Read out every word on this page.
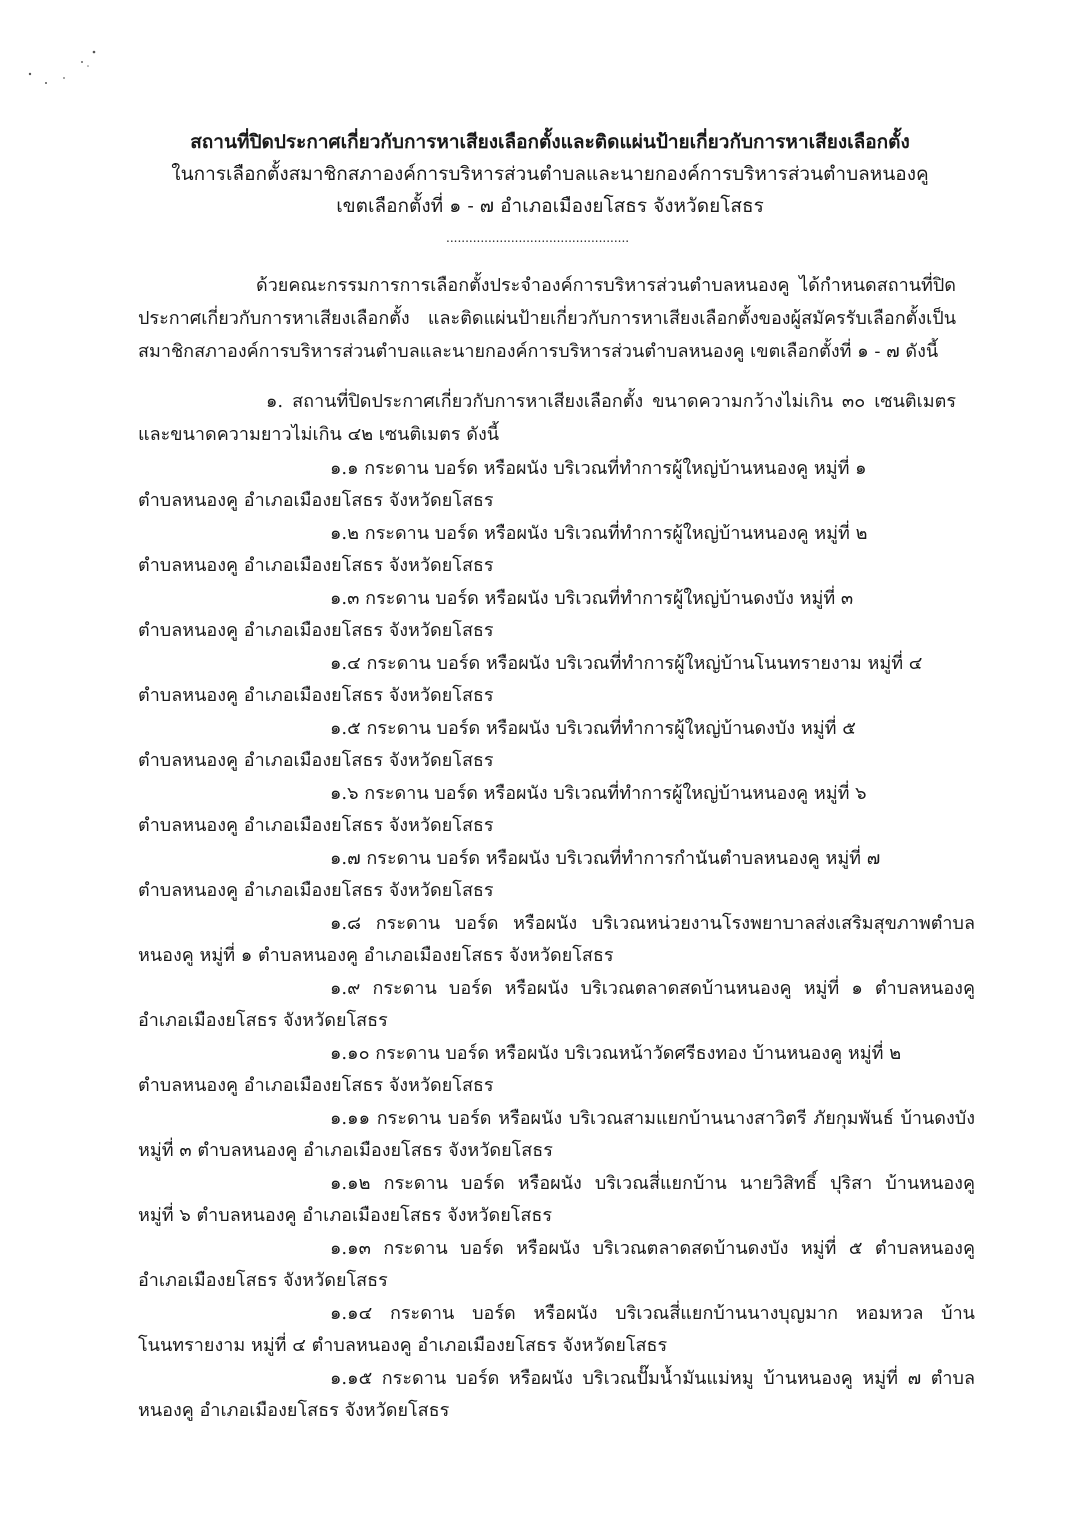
สถานที่ปิดประกาศเกี่ยวกับการหาเสียงเลือกตั้งและติดแผ่นป้ายเกี่ยวกับการหาเสียงเลือกตั้ง
ในการเลือกตั้งสมาชิกสภาองค์การบริหารส่วนตำบลและนายกองค์การบริหารส่วนตำบลหนองคู
เขตเลือกตั้งที่ ๑ - ๗ อำเภอเมืองยโสธร จังหวัดยโสธร
ด้วยคณะกรรมการการเลือกตั้งประจำองค์การบริหารส่วนตำบลหนองคู ได้กำหนดสถานที่ปิด
ประกาศเกี่ยวกับการหาเสียงเลือกตั้ง และติดแผ่นป้ายเกี่ยวกับการหาเสียงเลือกตั้งของผู้สมัครรับเลือกตั้งเป็น
สมาชิกสภาองค์การบริหารส่วนตำบลและนายกองค์การบริหารส่วนตำบลหนองคู เขตเลือกตั้งที่ ๑ - ๗ ดังนี้
๑. สถานที่ปิดประกาศเกี่ยวกับการหาเสียงเลือกตั้ง ขนาดความกว้างไม่เกิน ๓๐ เซนติเมตร
และขนาดความยาวไม่เกิน ๔๒ เซนติเมตร ดังนี้
๑.๑ กระดาน บอร์ด หรือผนัง บริเวณที่ทำการผู้ใหญ่บ้านหนองคู หมู่ที่ ๑
ตำบลหนองคู อำเภอเมืองยโสธร จังหวัดยโสธร
๑.๒ กระดาน บอร์ด หรือผนัง บริเวณที่ทำการผู้ใหญ่บ้านหนองคู หมู่ที่ ๒
ตำบลหนองคู อำเภอเมืองยโสธร จังหวัดยโสธร
๑.๓ กระดาน บอร์ด หรือผนัง บริเวณที่ทำการผู้ใหญ่บ้านดงบัง หมู่ที่ ๓
ตำบลหนองคู อำเภอเมืองยโสธร จังหวัดยโสธร
๑.๔ กระดาน บอร์ด หรือผนัง บริเวณที่ทำการผู้ใหญ่บ้านโนนทรายงาม หมู่ที่ ๔
ตำบลหนองคู อำเภอเมืองยโสธร จังหวัดยโสธร
๑.๕ กระดาน บอร์ด หรือผนัง บริเวณที่ทำการผู้ใหญ่บ้านดงบัง หมู่ที่ ๕
ตำบลหนองคู อำเภอเมืองยโสธร จังหวัดยโสธร
๑.๖ กระดาน บอร์ด หรือผนัง บริเวณที่ทำการผู้ใหญ่บ้านหนองคู หมู่ที่ ๖
ตำบลหนองคู อำเภอเมืองยโสธร จังหวัดยโสธร
๑.๗ กระดาน บอร์ด หรือผนัง บริเวณที่ทำการกำนันตำบลหนองคู หมู่ที่ ๗
ตำบลหนองคู อำเภอเมืองยโสธร จังหวัดยโสธร
๑.๘ กระดาน บอร์ด หรือผนัง บริเวณหน่วยงานโรงพยาบาลส่งเสริมสุขภาพตำบล
หนองคู หมู่ที่ ๑ ตำบลหนองคู อำเภอเมืองยโสธร จังหวัดยโสธร
๑.๙ กระดาน บอร์ด หรือผนัง บริเวณตลาดสดบ้านหนองคู หมู่ที่ ๑ ตำบลหนองคู
อำเภอเมืองยโสธร จังหวัดยโสธร
๑.๑๐ กระดาน บอร์ด หรือผนัง บริเวณหน้าวัดศรีธงทอง บ้านหนองคู หมู่ที่ ๒
ตำบลหนองคู อำเภอเมืองยโสธร จังหวัดยโสธร
๑.๑๑ กระดาน บอร์ด หรือผนัง บริเวณสามแยกบ้านนางสาวิตรี ภัยกุมพันธ์ บ้านดงบัง
หมู่ที่ ๓ ตำบลหนองคู อำเภอเมืองยโสธร จังหวัดยโสธร
๑.๑๒ กระดาน บอร์ด หรือผนัง บริเวณสี่แยกบ้าน นายวิสิทธิ์ ปุริสา บ้านหนองคู
หมู่ที่ ๖ ตำบลหนองคู อำเภอเมืองยโสธร จังหวัดยโสธร
๑.๑๓ กระดาน บอร์ด หรือผนัง บริเวณตลาดสดบ้านดงบัง หมู่ที่ ๕ ตำบลหนองคู
อำเภอเมืองยโสธร จังหวัดยโสธร
๑.๑๔ กระดาน บอร์ด หรือผนัง บริเวณสี่แยกบ้านนางบุญมาก หอมหวล บ้าน
โนนทรายงาม หมู่ที่ ๔ ตำบลหนองคู อำเภอเมืองยโสธร จังหวัดยโสธร
๑.๑๕ กระดาน บอร์ด หรือผนัง บริเวณปั๊มน้ำมันแม่หมู บ้านหนองคู หมู่ที่ ๗ ตำบล
หนองคู อำเภอเมืองยโสธร จังหวัดยโสธร
................................................
